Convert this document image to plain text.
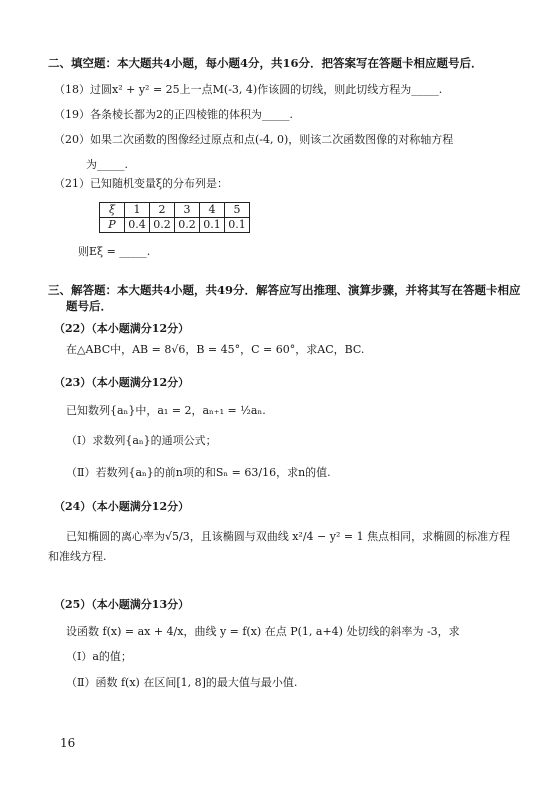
二、填空题：本大题共4小题，每小题4分，共16分．把答案写在答题卡相应题号后．
（18）过圆x² + y² = 25上一点M(-3, 4)作该圆的切线，则此切线方程为_____.
（19）各条棱长都为2的正四棱锥的体积为_____.
（20）如果二次函数的图像经过原点和点(-4, 0)，则该二次函数图像的对称轴方程
为_____.
（21）已知随机变量ξ的分布列是：
ξ	1	2	3	4	5
P	0.4	0.2	0.2	0.1	0.1
则Eξ = _____.
三、解答题：本大题共4小题，共49分．解答应写出推理、演算步骤，并将其写在答题卡相应
题号后．
（22）（本小题满分12分）
在△ABC中，AB = 8√6，B = 45°，C = 60°，求AC，BC.
（23）（本小题满分12分）
已知数列{aₙ}中，a₁ = 2，aₙ₊₁ = ½aₙ.
（Ⅰ）求数列{aₙ}的通项公式；
（Ⅱ）若数列{aₙ}的前n项的和Sₙ = 63/16，求n的值.
（24）（本小题满分12分）
已知椭圆的离心率为√5/3，且该椭圆与双曲线 x²/4 − y² = 1 焦点相同，求椭圆的标准方程
和准线方程.
（25）（本小题满分13分）
设函数 f(x) = ax + 4/x，曲线 y = f(x) 在点 P(1, a+4) 处切线的斜率为 -3，求
（Ⅰ）a的值；
（Ⅱ）函数 f(x) 在区间[1, 8]的最大值与最小值.
16
